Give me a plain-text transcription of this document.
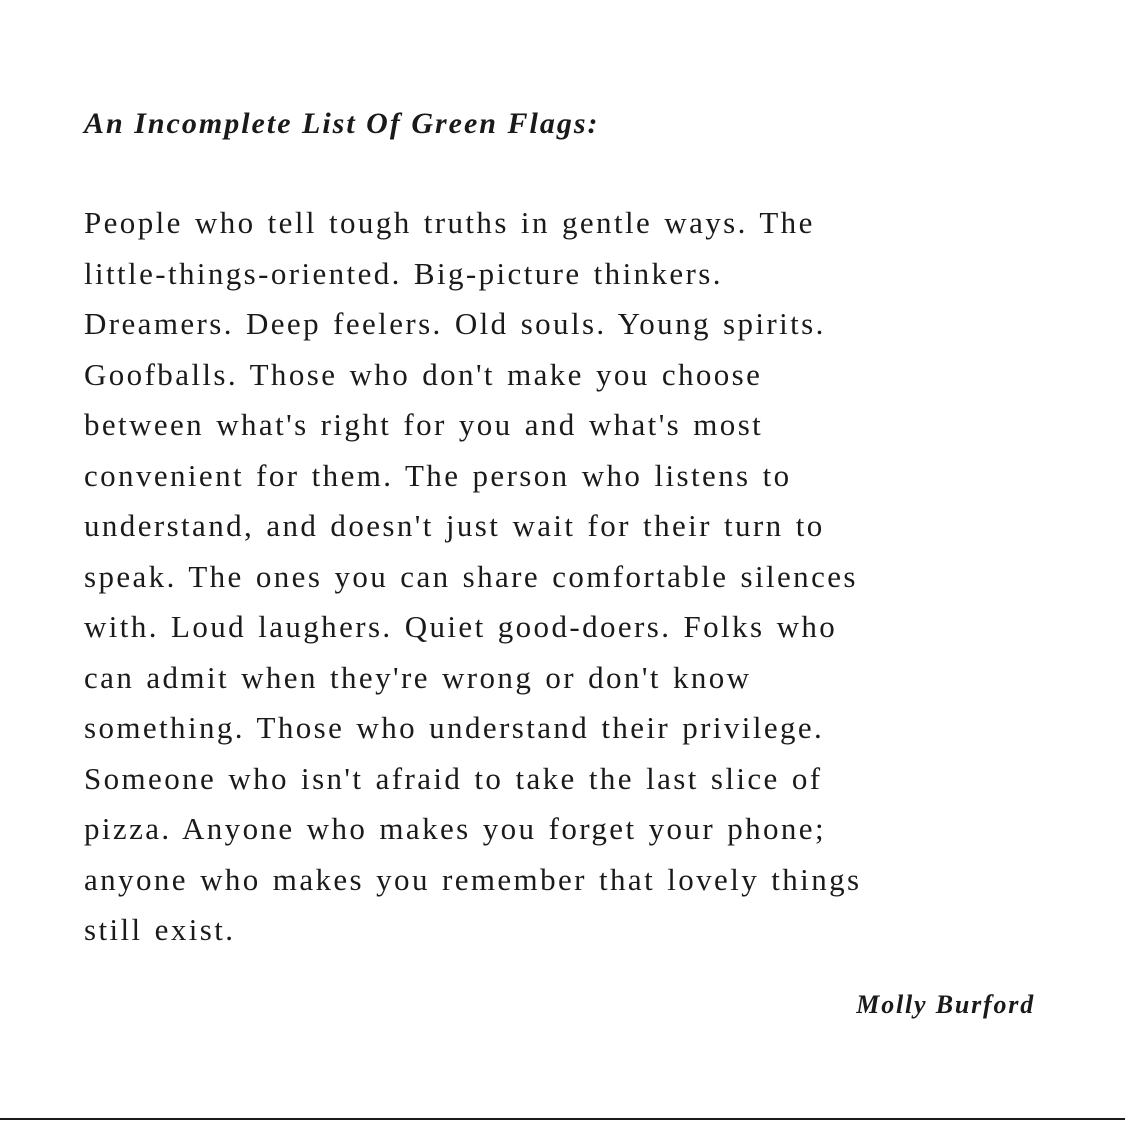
An Incomplete List Of Green Flags:
People who tell tough truths in gentle ways. The
little-things-oriented. Big-picture thinkers.
Dreamers. Deep feelers. Old souls. Young spirits.
Goofballs. Those who don't make you choose
between what's right for you and what's most
convenient for them. The person who listens to
understand, and doesn't just wait for their turn to
speak. The ones you can share comfortable silences
with. Loud laughers. Quiet good-doers. Folks who
can admit when they're wrong or don't know
something. Those who understand their privilege.
Someone who isn't afraid to take the last slice of
pizza. Anyone who makes you forget your phone;
anyone who makes you remember that lovely things
still exist.

Molly Burford
